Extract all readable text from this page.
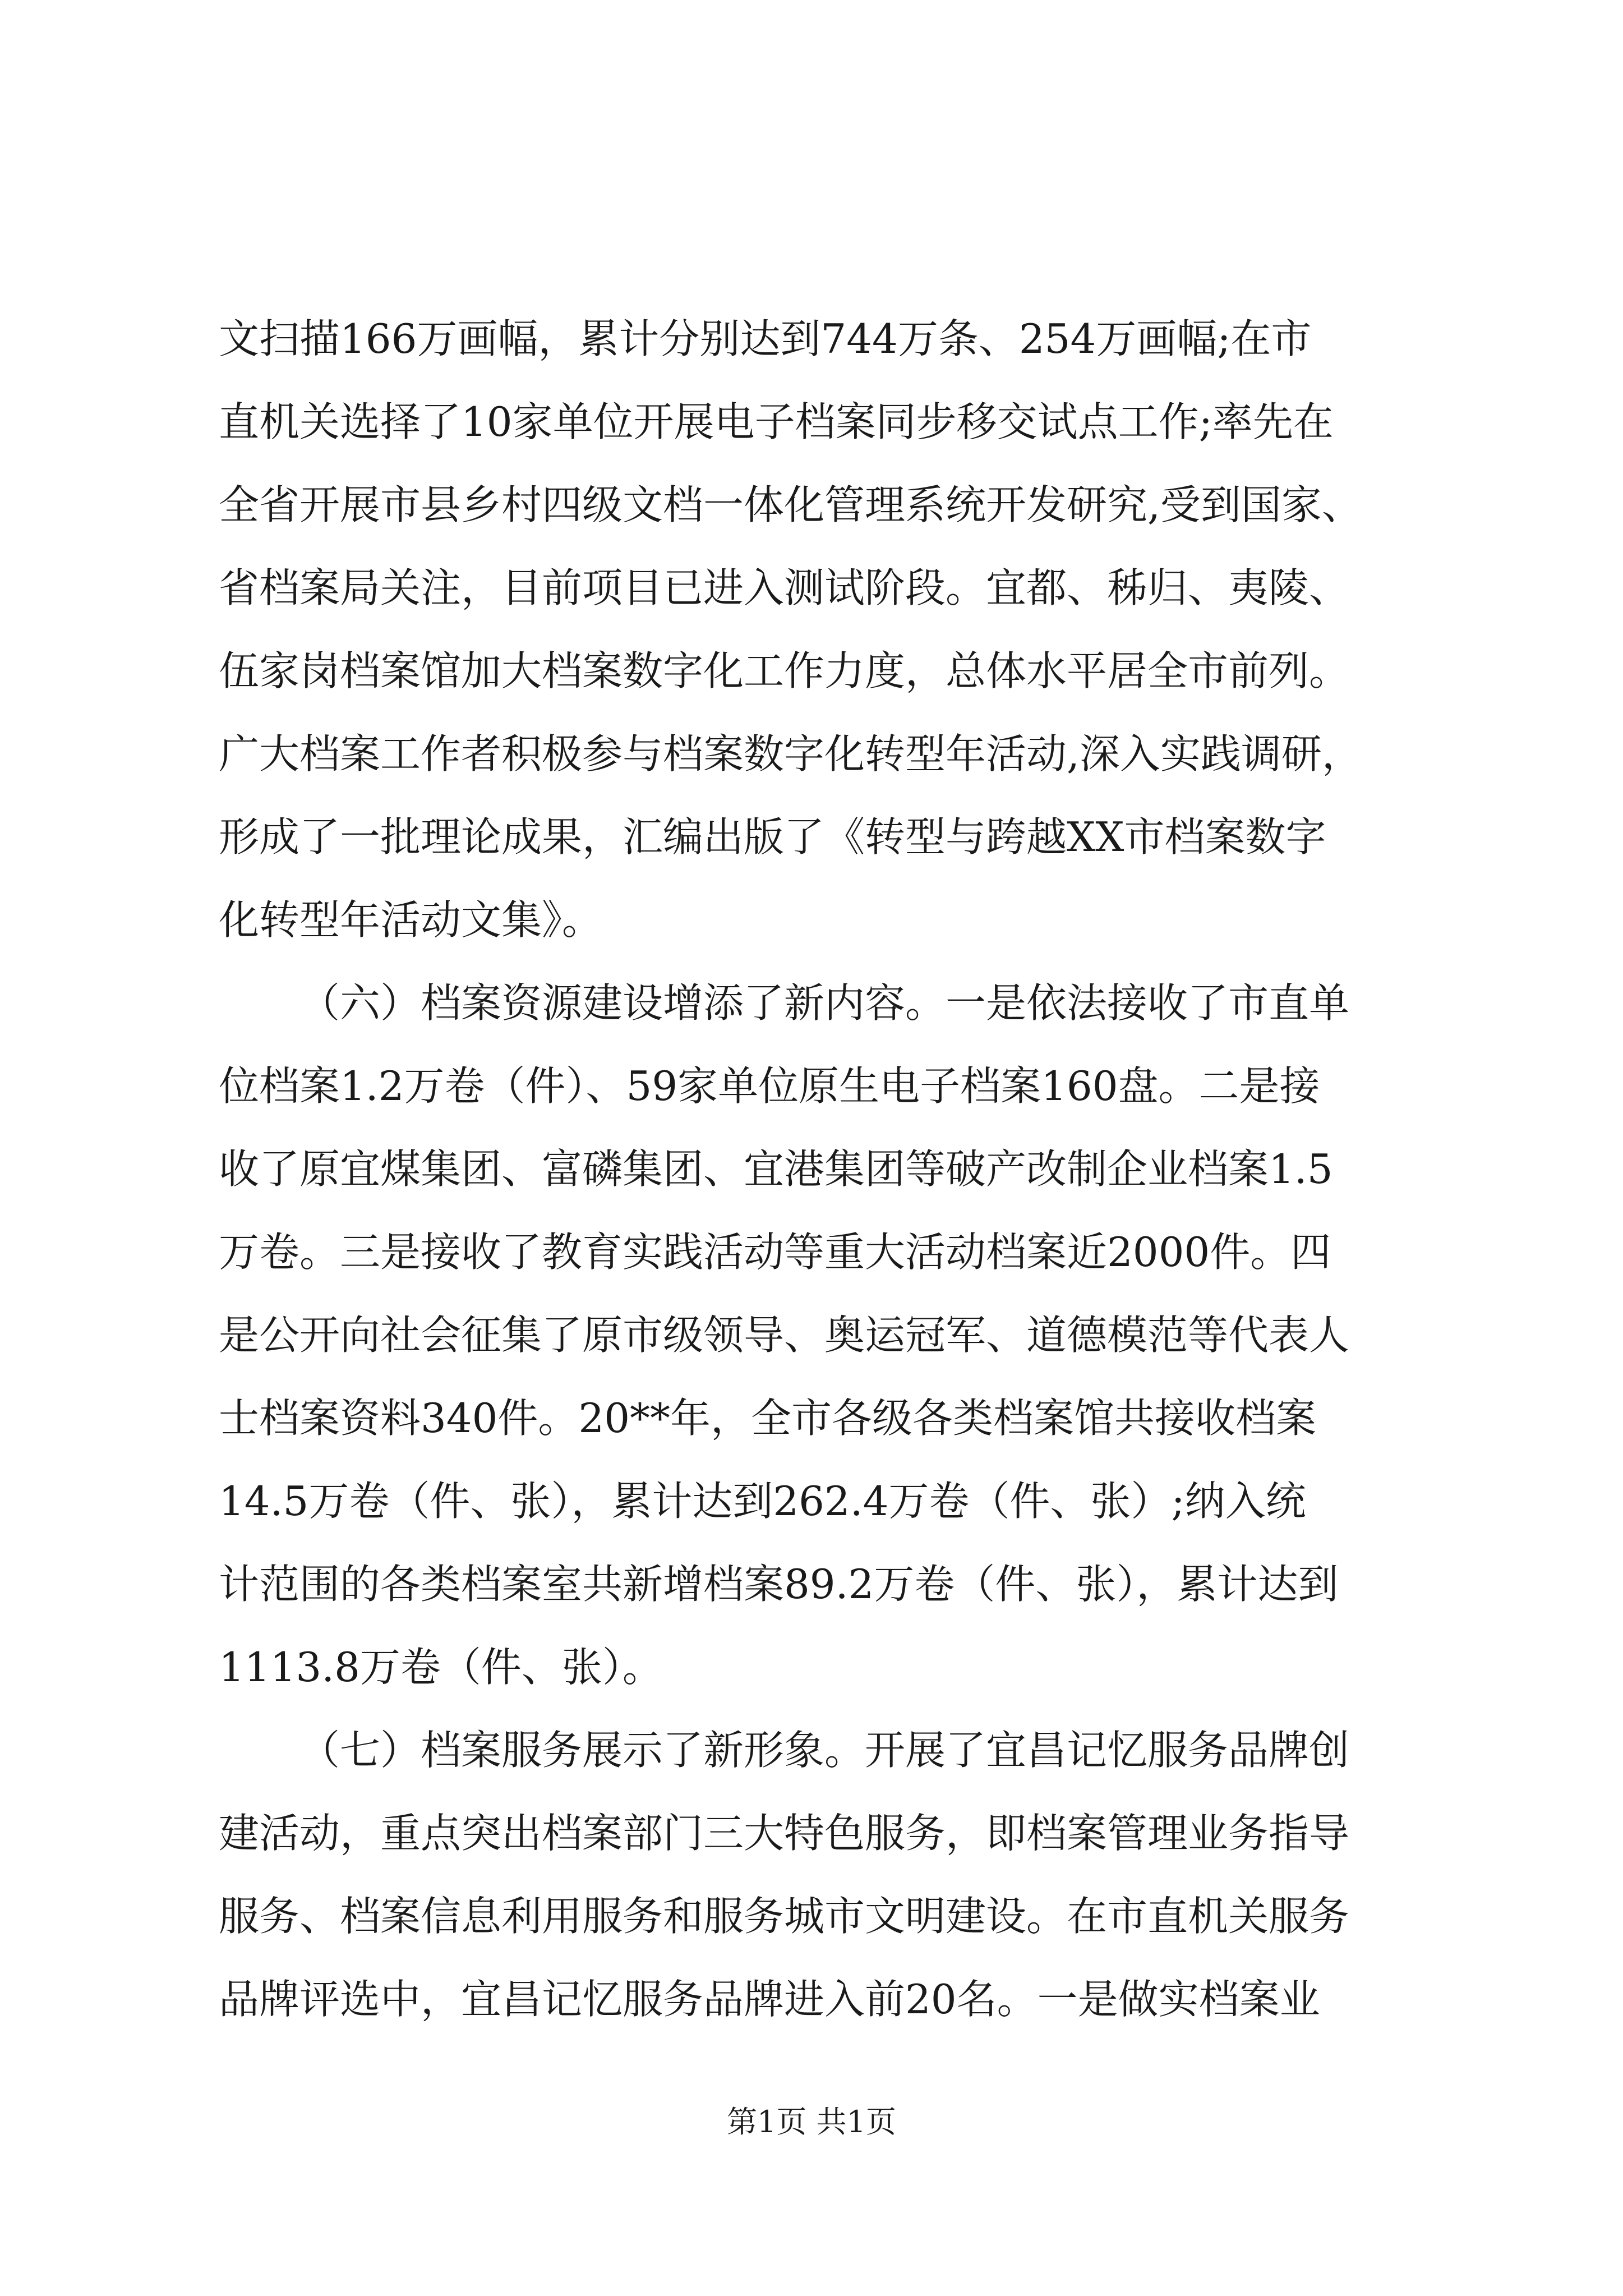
文扫描166万画幅，累计分别达到744万条、254万画幅;在市
直机关选择了10家单位开展电子档案同步移交试点工作;率先在
全省开展市县乡村四级文档一体化管理系统开发研究,受到国家、
省档案局关注，目前项目已进入测试阶段。宜都、秭归、夷陵、
伍家岗档案馆加大档案数字化工作力度，总体水平居全市前列。
广大档案工作者积极参与档案数字化转型年活动,深入实践调研，
形成了一批理论成果，汇编出版了《转型与跨越XX市档案数字
化转型年活动文集》。
（六）档案资源建设增添了新内容。一是依法接收了市直单
位档案1.2万卷（件）、59家单位原生电子档案160盘。二是接
收了原宜煤集团、富磷集团、宜港集团等破产改制企业档案1.5
万卷。三是接收了教育实践活动等重大活动档案近2000件。四
是公开向社会征集了原市级领导、奥运冠军、道德模范等代表人
士档案资料340件。20**年，全市各级各类档案馆共接收档案
14.5万卷（件、张），累计达到262.4万卷（件、张）;纳入统
计范围的各类档案室共新增档案89.2万卷（件、张），累计达到
1113.8万卷（件、张）。
（七）档案服务展示了新形象。开展了宜昌记忆服务品牌创
建活动，重点突出档案部门三大特色服务，即档案管理业务指导
服务、档案信息利用服务和服务城市文明建设。在市直机关服务
品牌评选中，宜昌记忆服务品牌进入前20名。一是做实档案业
第1页 共1页
